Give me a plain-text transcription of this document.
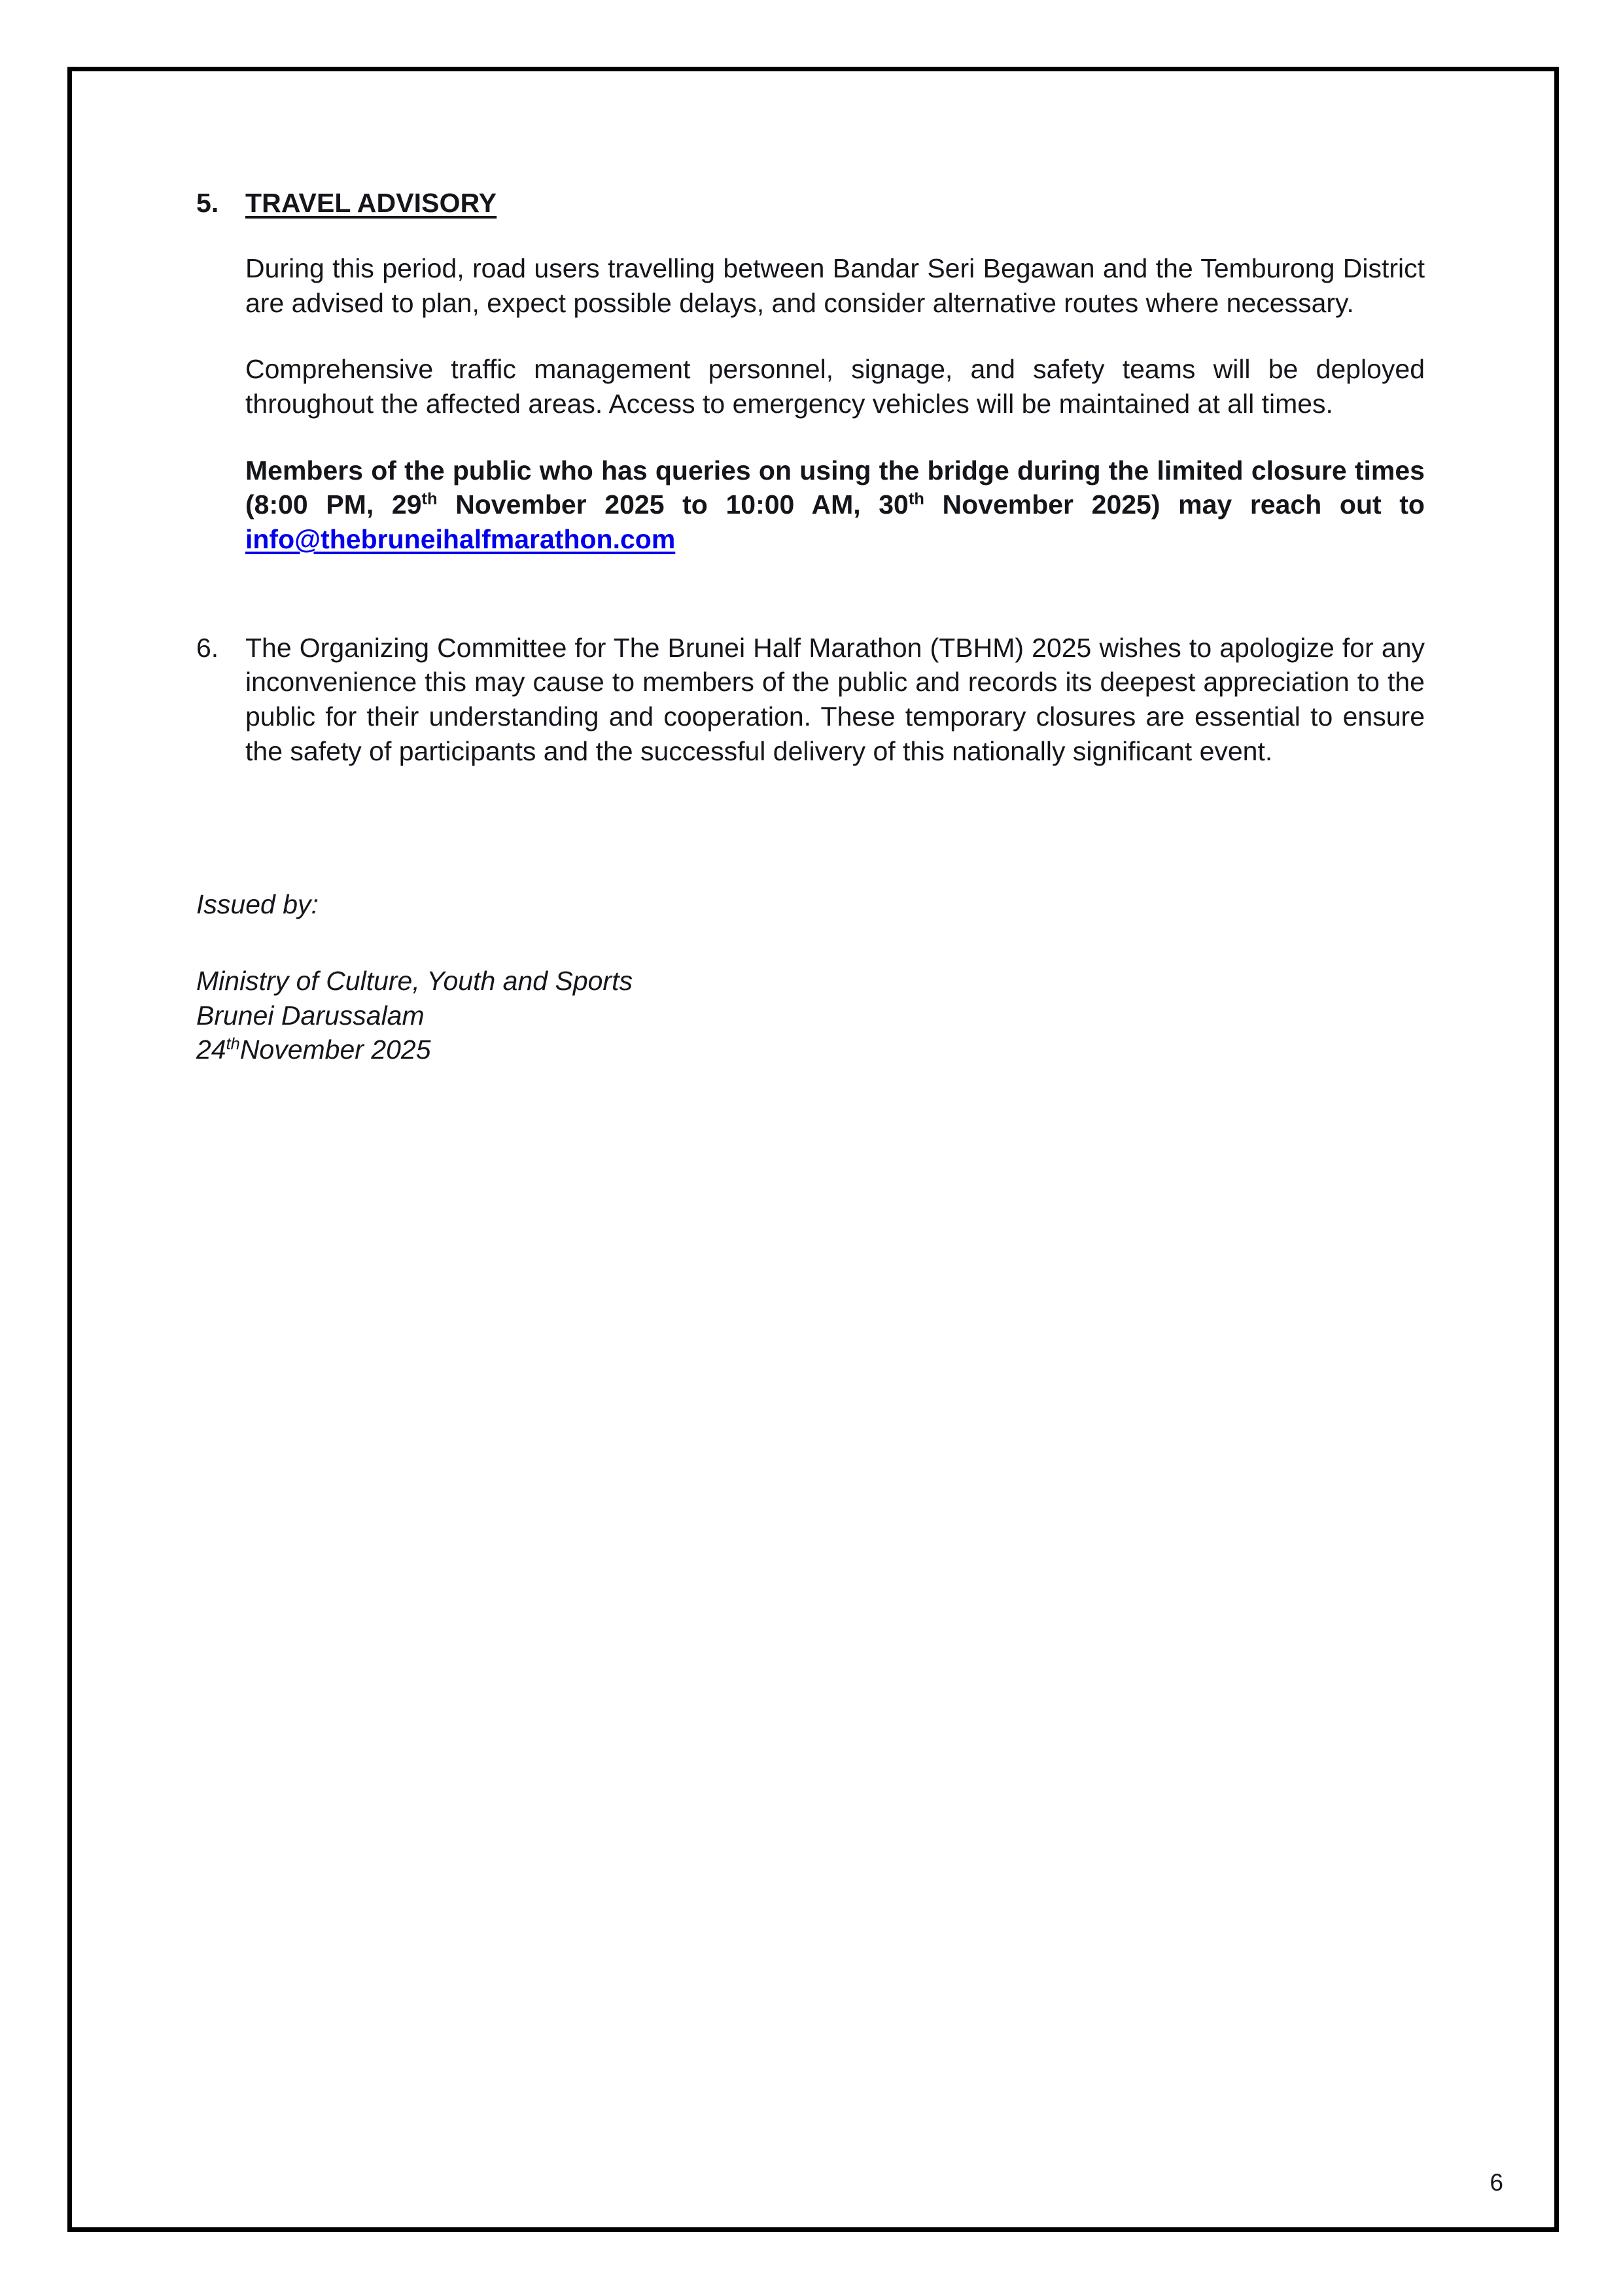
5. TRAVEL ADVISORY

During this period, road users travelling between Bandar Seri Begawan and the Temburong District are advised to plan, expect possible delays, and consider alternative routes where necessary.

Comprehensive traffic management personnel, signage, and safety teams will be deployed throughout the affected areas. Access to emergency vehicles will be maintained at all times.

Members of the public who has queries on using the bridge during the limited closure times (8:00 PM, 29th November 2025 to 10:00 AM, 30th November 2025) may reach out to info@thebruneihalfmarathon.com

6. The Organizing Committee for The Brunei Half Marathon (TBHM) 2025 wishes to apologize for any inconvenience this may cause to members of the public and records its deepest appreciation to the public for their understanding and cooperation. These temporary closures are essential to ensure the safety of participants and the successful delivery of this nationally significant event.

Issued by:

Ministry of Culture, Youth and Sports
Brunei Darussalam
24thNovember 2025
6
